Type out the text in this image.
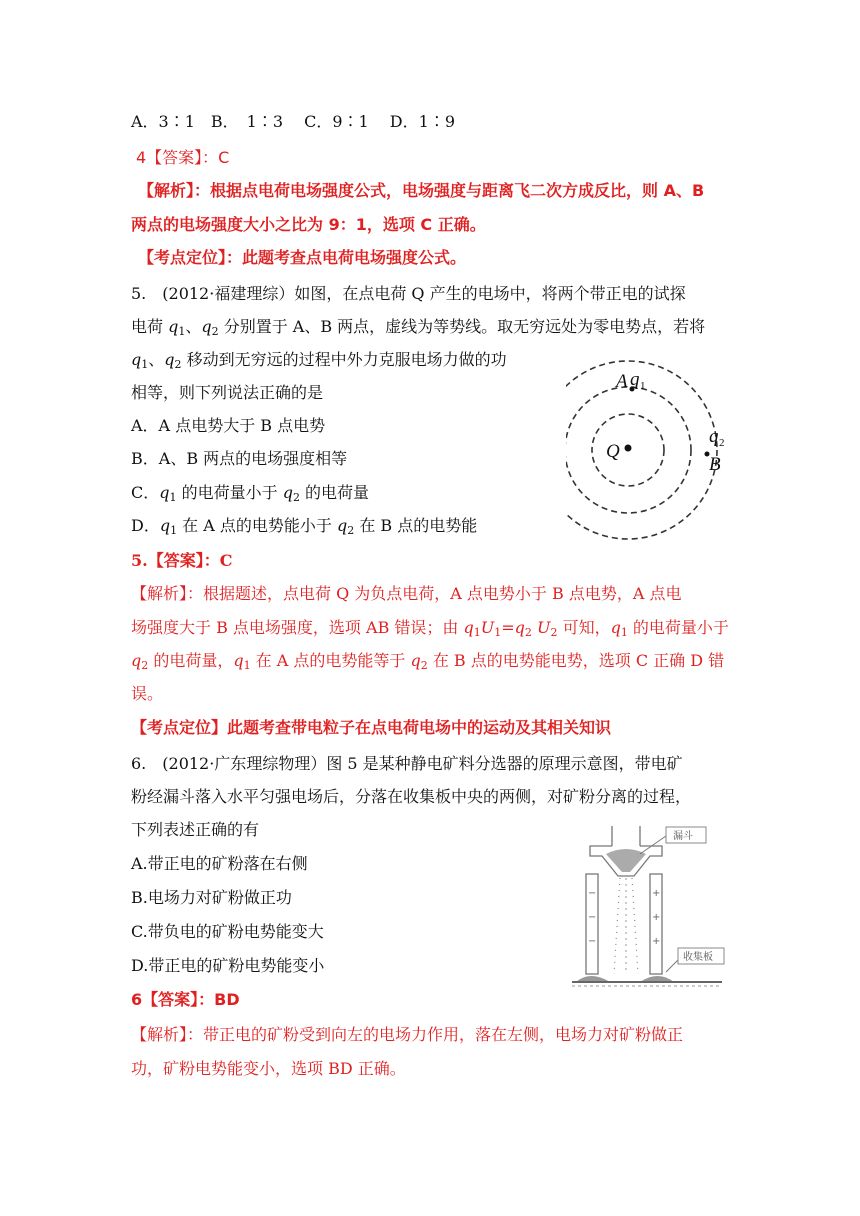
A．3∶1　B．　1∶3　 C．9∶1　 D．1∶9
4【答案】：C
【解析】：根据点电荷电场强度公式，电场强度与距离飞二次方成反比，则 A、B
两点的电场强度大小之比为 9：1，选项 C 正确。
【考点定位】：此题考查点电荷电场强度公式。
5.　(2012·福建理综）如图，在点电荷 Q 产生的电场中，将两个带正电的试探
电荷 $q_1$、$q_2$ 分别置于 A、B 两点，虚线为等势线。取无穷远处为零电势点，若将
$q_1$、$q_2$ 移动到无穷远的过程中外力克服电场力做的功
相等，则下列说法正确的是
A．A 点电势大于 B 点电势
B．A、B 两点的电场强度相等
C．$q_1$ 的电荷量小于 $q_2$ 的电荷量
D．$q_1$ 在 A 点的电势能小于 $q_2$ 在 B 点的电势能
5.【答案】：C
【解析】：根据题述，点电荷 Q 为负点电荷，A 点电势小于 B 点电势，A 点电
场强度大于 B 点电场强度，选项 AB 错误；由 $q_1U_1=q_2$ $U_2$ 可知，$q_1$ 的电荷量小于
$q_2$ 的电荷量，$q_1$ 在 A 点的电势能等于 $q_2$ 在 B 点的电势能电势，选项 C 正确 D 错
误。
【考点定位】此题考查带电粒子在点电荷电场中的运动及其相关知识
Q
A q 1
q 2
B
6.　(2012·广东理综物理）图 5 是某种静电矿料分选器的原理示意图，带电矿
粉经漏斗落入水平匀强电场后，分落在收集板中央的两侧，对矿粉分离的过程，
下列表述正确的有
A.带正电的矿粉落在右侧
B.电场力对矿粉做正功
C.带负电的矿粉电势能变大
D.带正电的矿粉电势能变小
6【答案】：BD
【解析】：带正电的矿粉受到向左的电场力作用，落在左侧，电场力对矿粉做正
功，矿粉电势能变小，选项 BD 正确。
漏斗
−
−
−
+
+
+
收集板
